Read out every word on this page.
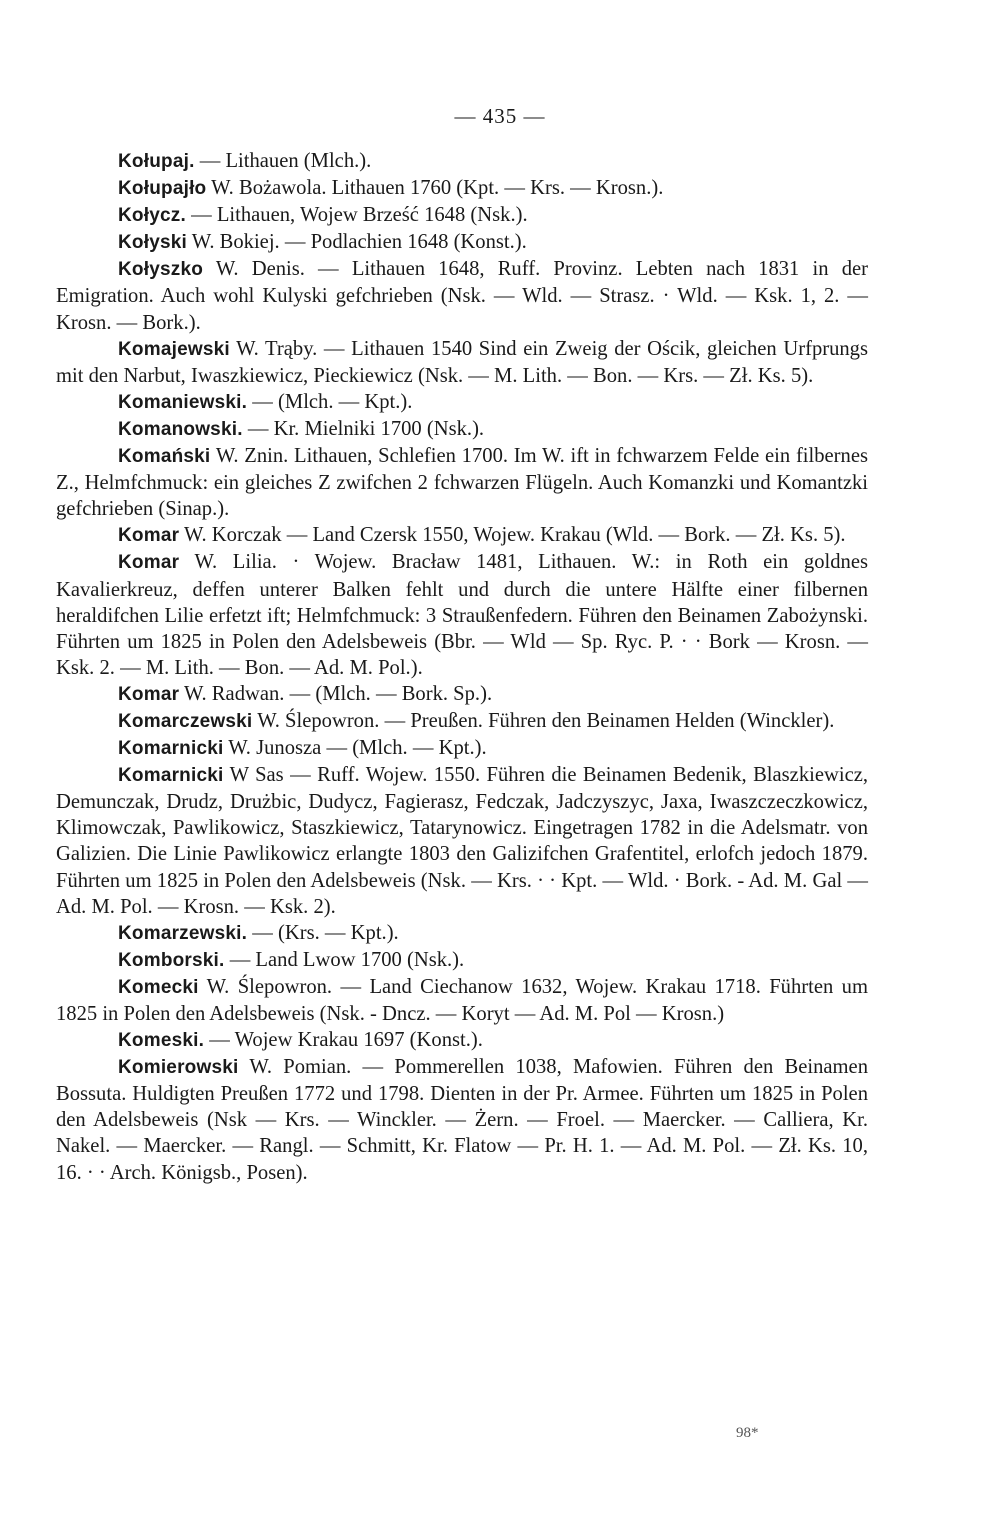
— 435 —

Kołupaj. — Lithauen (Mlch.).

Kołupajło W. Bożawola. Lithauen 1760 (Kpt. — Krs. — Krosn.).

Kołycz. — Lithauen, Wojew Brześć 1648 (Nsk.).

Kołyski W. Bokiej. — Podlachien 1648 (Konst.).

Kołyszko W. Denis. — Lithauen 1648, Ruff. Provinz. Lebten nach 1831 in der Emigration. Auch wohl Kulyski gefchrieben (Nsk. — Wld. — Strasz. · Wld. — Ksk. 1, 2. — Krosn. — Bork.).

Komajewski W. Trąby. — Lithauen 1540 Sind ein Zweig der Ościk, gleichen Urfprungs mit den Narbut, Iwaszkiewicz, Pieckiewicz (Nsk. — M. Lith. — Bon. — Krs. — Zł. Ks. 5).

Komaniewski. — (Mlch. — Kpt.).

Komanowski. — Kr. Mielniki 1700 (Nsk.).

Komański W. Znin. Lithauen, Schlefien 1700. Im W. ift in fchwarzem Felde ein filbernes Z., Helmfchmuck: ein gleiches Z zwifchen 2 fchwarzen Flügeln. Auch Komanzki und Komantzki gefchrieben (Sinap.).

Komar W. Korczak — Land Czersk 1550, Wojew. Krakau (Wld. — Bork. — Zł. Ks. 5).

Komar W. Lilia. · Wojew. Bracław 1481, Lithauen. W.: in Roth ein goldnes Kavalierkreuz, deffen unterer Balken fehlt und durch die untere Hälfte einer filbernen heraldifchen Lilie erfetzt ift; Helmfchmuck: 3 Straußenfedern. Führen den Beinamen Zabożynski. Führten um 1825 in Polen den Adelsbeweis (Bbr. — Wld — Sp. Ryc. P. · · Bork — Krosn. — Ksk. 2. — M. Lith. — Bon. — Ad. M. Pol.).

Komar W. Radwan. — (Mlch. — Bork. Sp.).

Komarczewski W. Ślepowron. — Preußen. Führen den Beinamen Helden (Winckler).

Komarnicki W. Junosza — (Mlch. — Kpt.).

Komarnicki W Sas — Ruff. Wojew. 1550. Führen die Beinamen Bedenik, Blaszkiewicz, Demunczak, Drudz, Drużbic, Dudycz, Fagierasz, Fedczak, Jadczyszyc, Jaxa, Iwaszczeczkowicz, Klimowczak, Pawlikowicz, Staszkiewicz, Tatarynowicz. Eingetragen 1782 in die Adelsmatr. von Galizien. Die Linie Pawlikowicz erlangte 1803 den Galizifchen Grafentitel, erlofch jedoch 1879. Führten um 1825 in Polen den Adelsbeweis (Nsk. — Krs. · · Kpt. — Wld. · Bork. - Ad. M. Gal — Ad. M. Pol. — Krosn. — Ksk. 2).

Komarzewski. — (Krs. — Kpt.).

Komborski. — Land Lwow 1700 (Nsk.).

Komecki W. Ślepowron. — Land Ciechanow 1632, Wojew. Krakau 1718. Führten um 1825 in Polen den Adelsbeweis (Nsk. - Dncz. — Koryt — Ad. M. Pol — Krosn.)

Komeski. — Wojew Krakau 1697 (Konst.).

Komierowski W. Pomian. — Pommerellen 1038, Mafowien. Führen den Beinamen Bossuta. Huldigten Preußen 1772 und 1798. Dienten in der Pr. Armee. Führten um 1825 in Polen den Adelsbeweis (Nsk — Krs. — Winckler. — Żern. — Froel. — Maercker. — Calliera, Kr. Nakel. — Maercker. — Rangl. — Schmitt, Kr. Flatow — Pr. H. 1. — Ad. M. Pol. — Zł. Ks. 10, 16. · · Arch. Königsb., Posen).

98*
